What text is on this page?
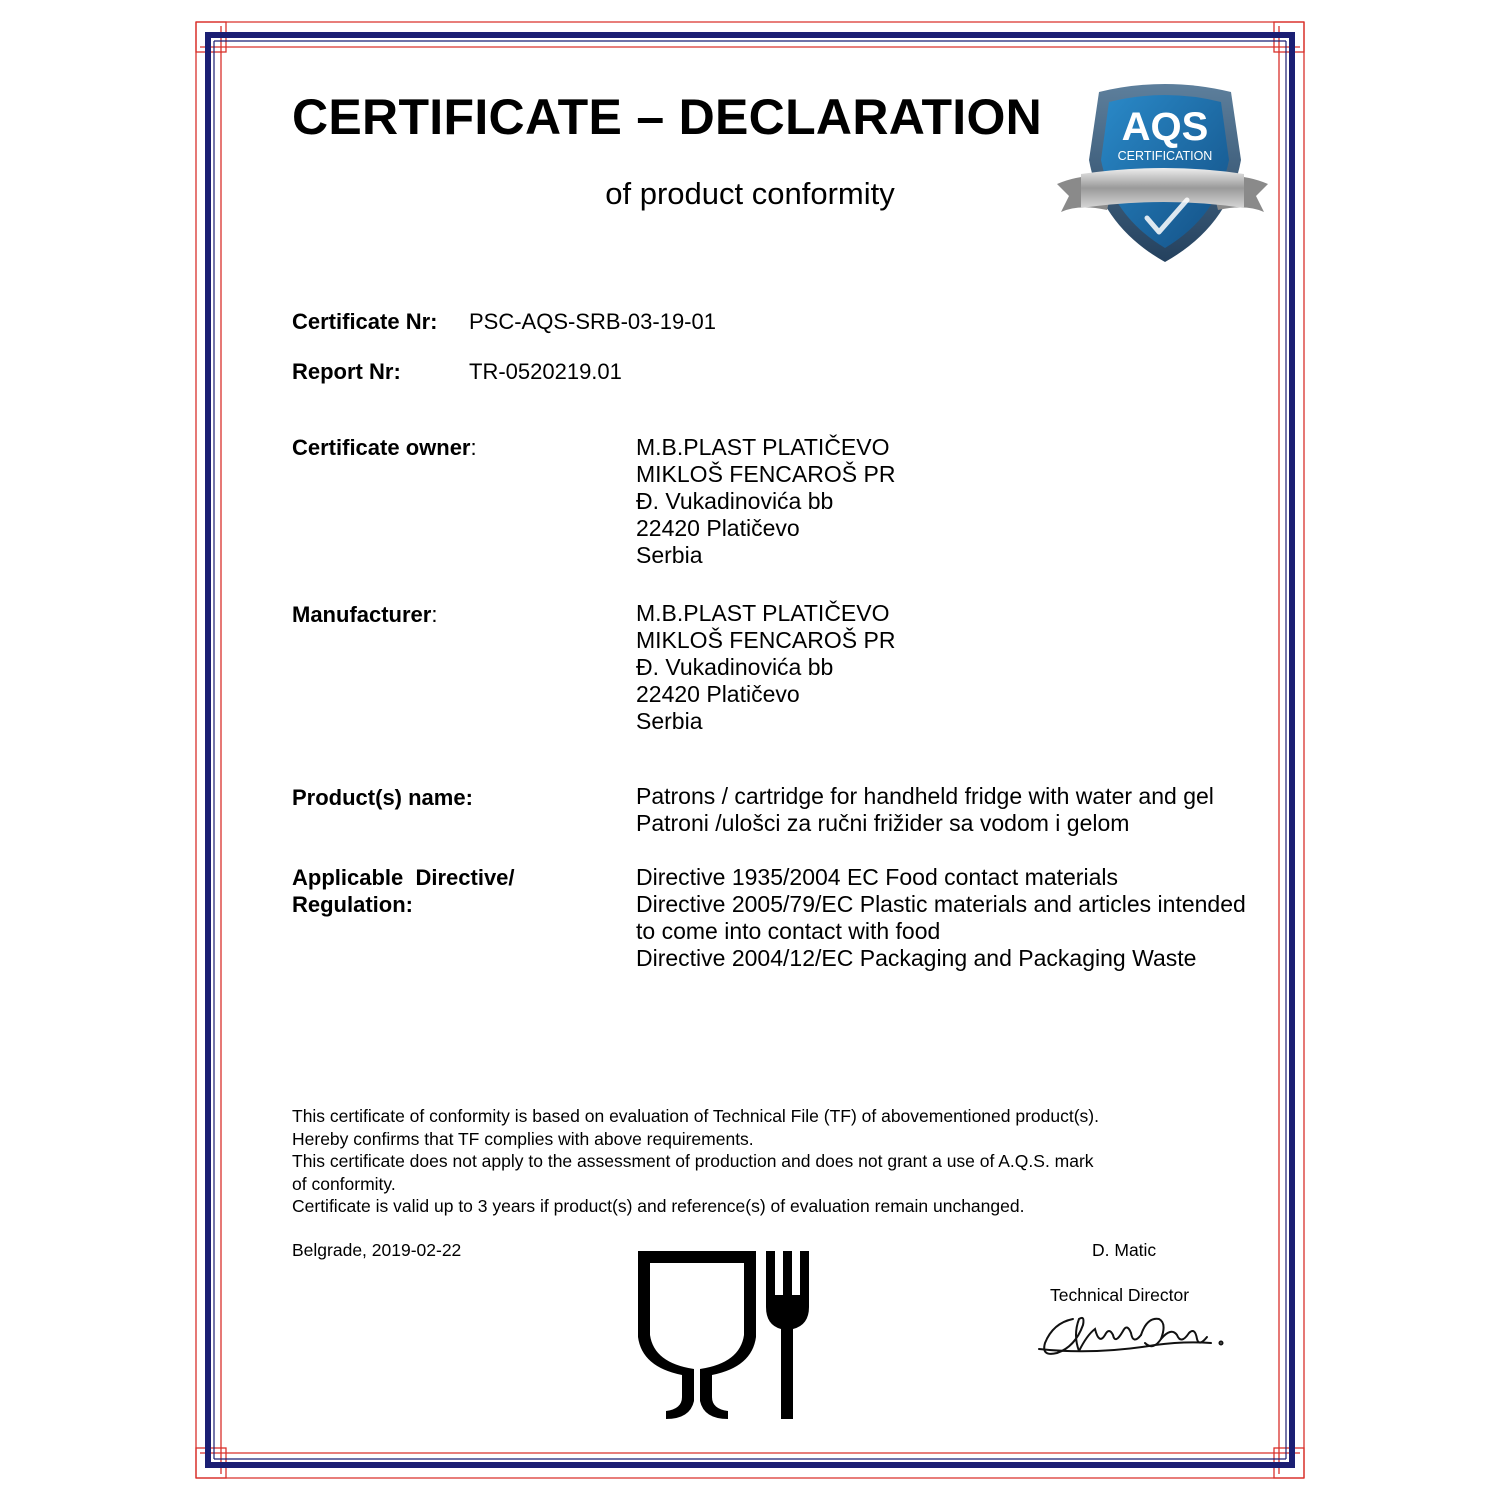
CERTIFICATE – DECLARATION
of product conformity
AQS
CERTIFICATION
Certificate Nr: PSC-AQS-SRB-03-19-01
Report Nr:	TR-0520219.01
Certificate owner:	M.B.PLAST PLATIČEVO
MIKLOŠ FENCAROŠ PR
Đ. Vukadinovića bb
22420 Platičevo
Serbia
Manufacturer:	M.B.PLAST PLATIČEVO
MIKLOŠ FENCAROŠ PR
Đ. Vukadinovića bb
22420 Platičevo
Serbia
Product(s) name:	Patrons / cartridge for handheld fridge with water and gel
Patroni /ulošci za ručni frižider sa vodom i gelom
Applicable  Directive/
Regulation:
Directive 1935/2004 EC Food contact materials
Directive 2005/79/EC Plastic materials and articles intended
to come into contact with food
Directive 2004/12/EC Packaging and Packaging Waste
This certificate of conformity is based on evaluation of Technical File (TF) of abovementioned product(s).
Hereby confirms that TF complies with above requirements.
This certificate does not apply to the assessment of production and does not grant a use of A.Q.S. mark
of conformity.
Certificate is valid up to 3 years if product(s) and reference(s) of evaluation remain unchanged.
Belgrade, 2019-02-22	D. Matic
Technical Director
